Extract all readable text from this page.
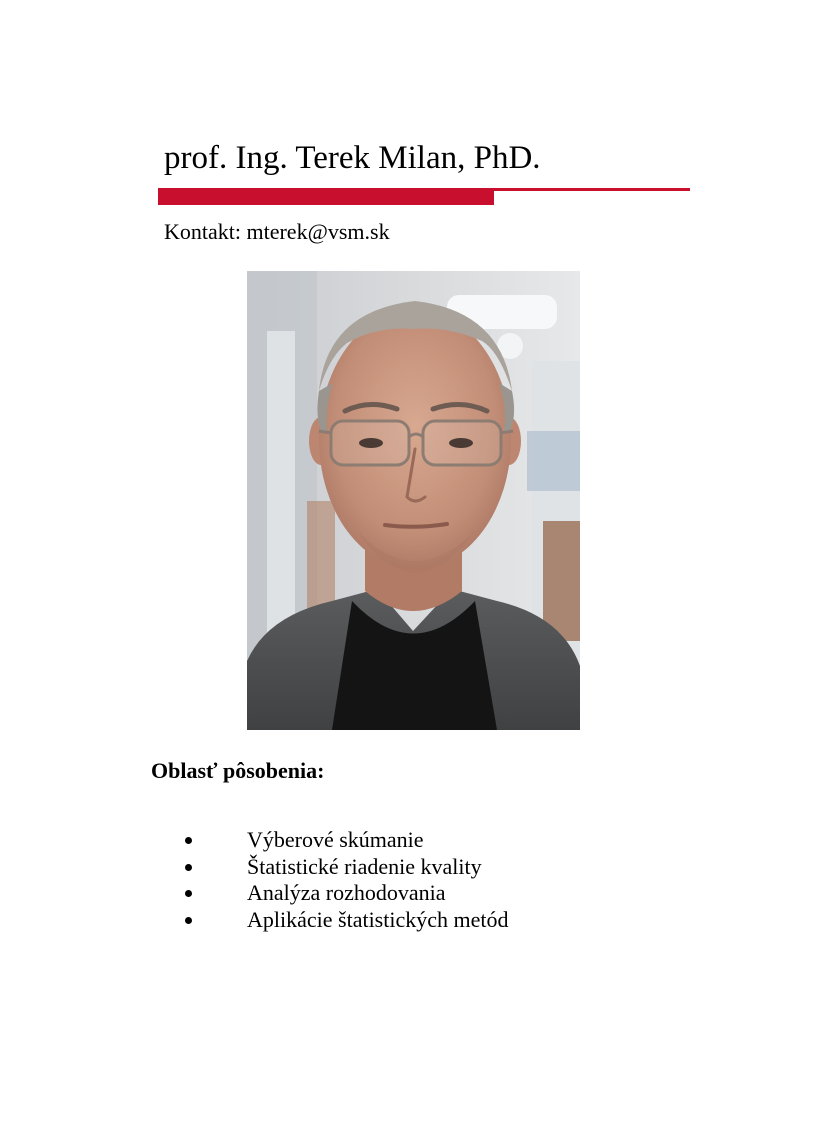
prof. Ing. Terek Milan, PhD.
Kontakt: mterek@vsm.sk
Oblasť pôsobenia:
Výberové skúmanie
Štatistické riadenie kvality
Analýza rozhodovania
Aplikácie štatistických metód
